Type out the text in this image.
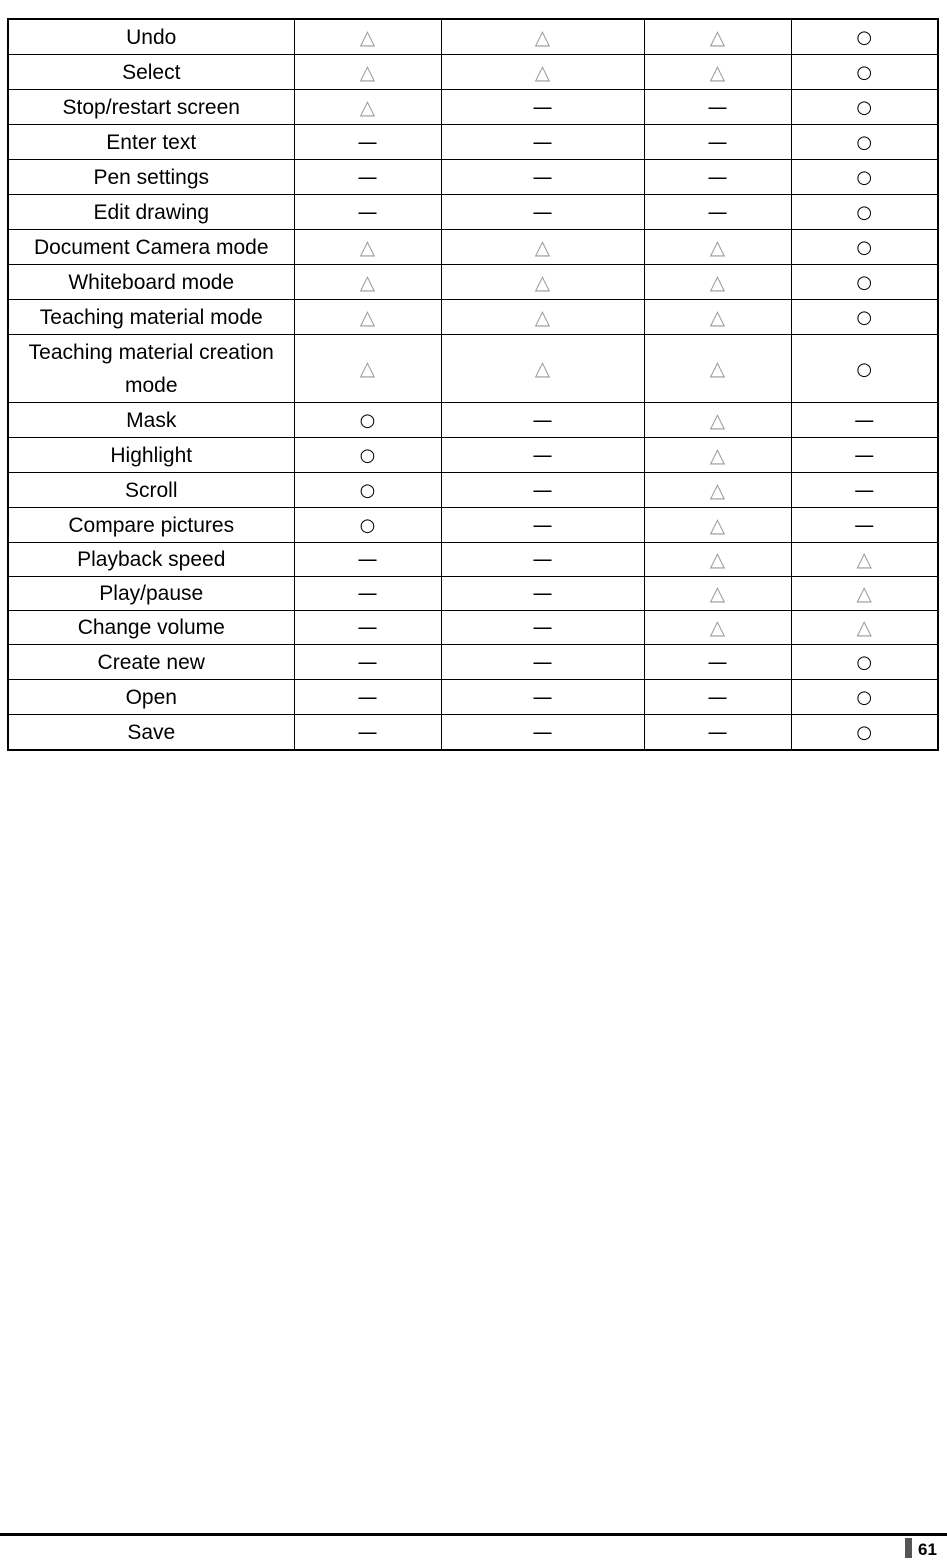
Undo	△	△	△	○
Select	△	△	△	○
Stop/restart screen	△	—	—	○
Enter text	—	—	—	○
Pen settings	—	—	—	○
Edit drawing	—	—	—	○
Document Camera mode	△	△	△	○
Whiteboard mode	△	△	△	○
Teaching material mode	△	△	△	○
Teaching material creation mode	△	△	△	○
Mask	○	—	△	—
Highlight	○	—	△	—
Scroll	○	—	△	—
Compare pictures	○	—	△	—
Playback speed	—	—	△	△
Play/pause	—	—	△	△
Change volume	—	—	△	△
Create new	—	—	—	○
Open	—	—	—	○
Save	—	—	—	○
61
